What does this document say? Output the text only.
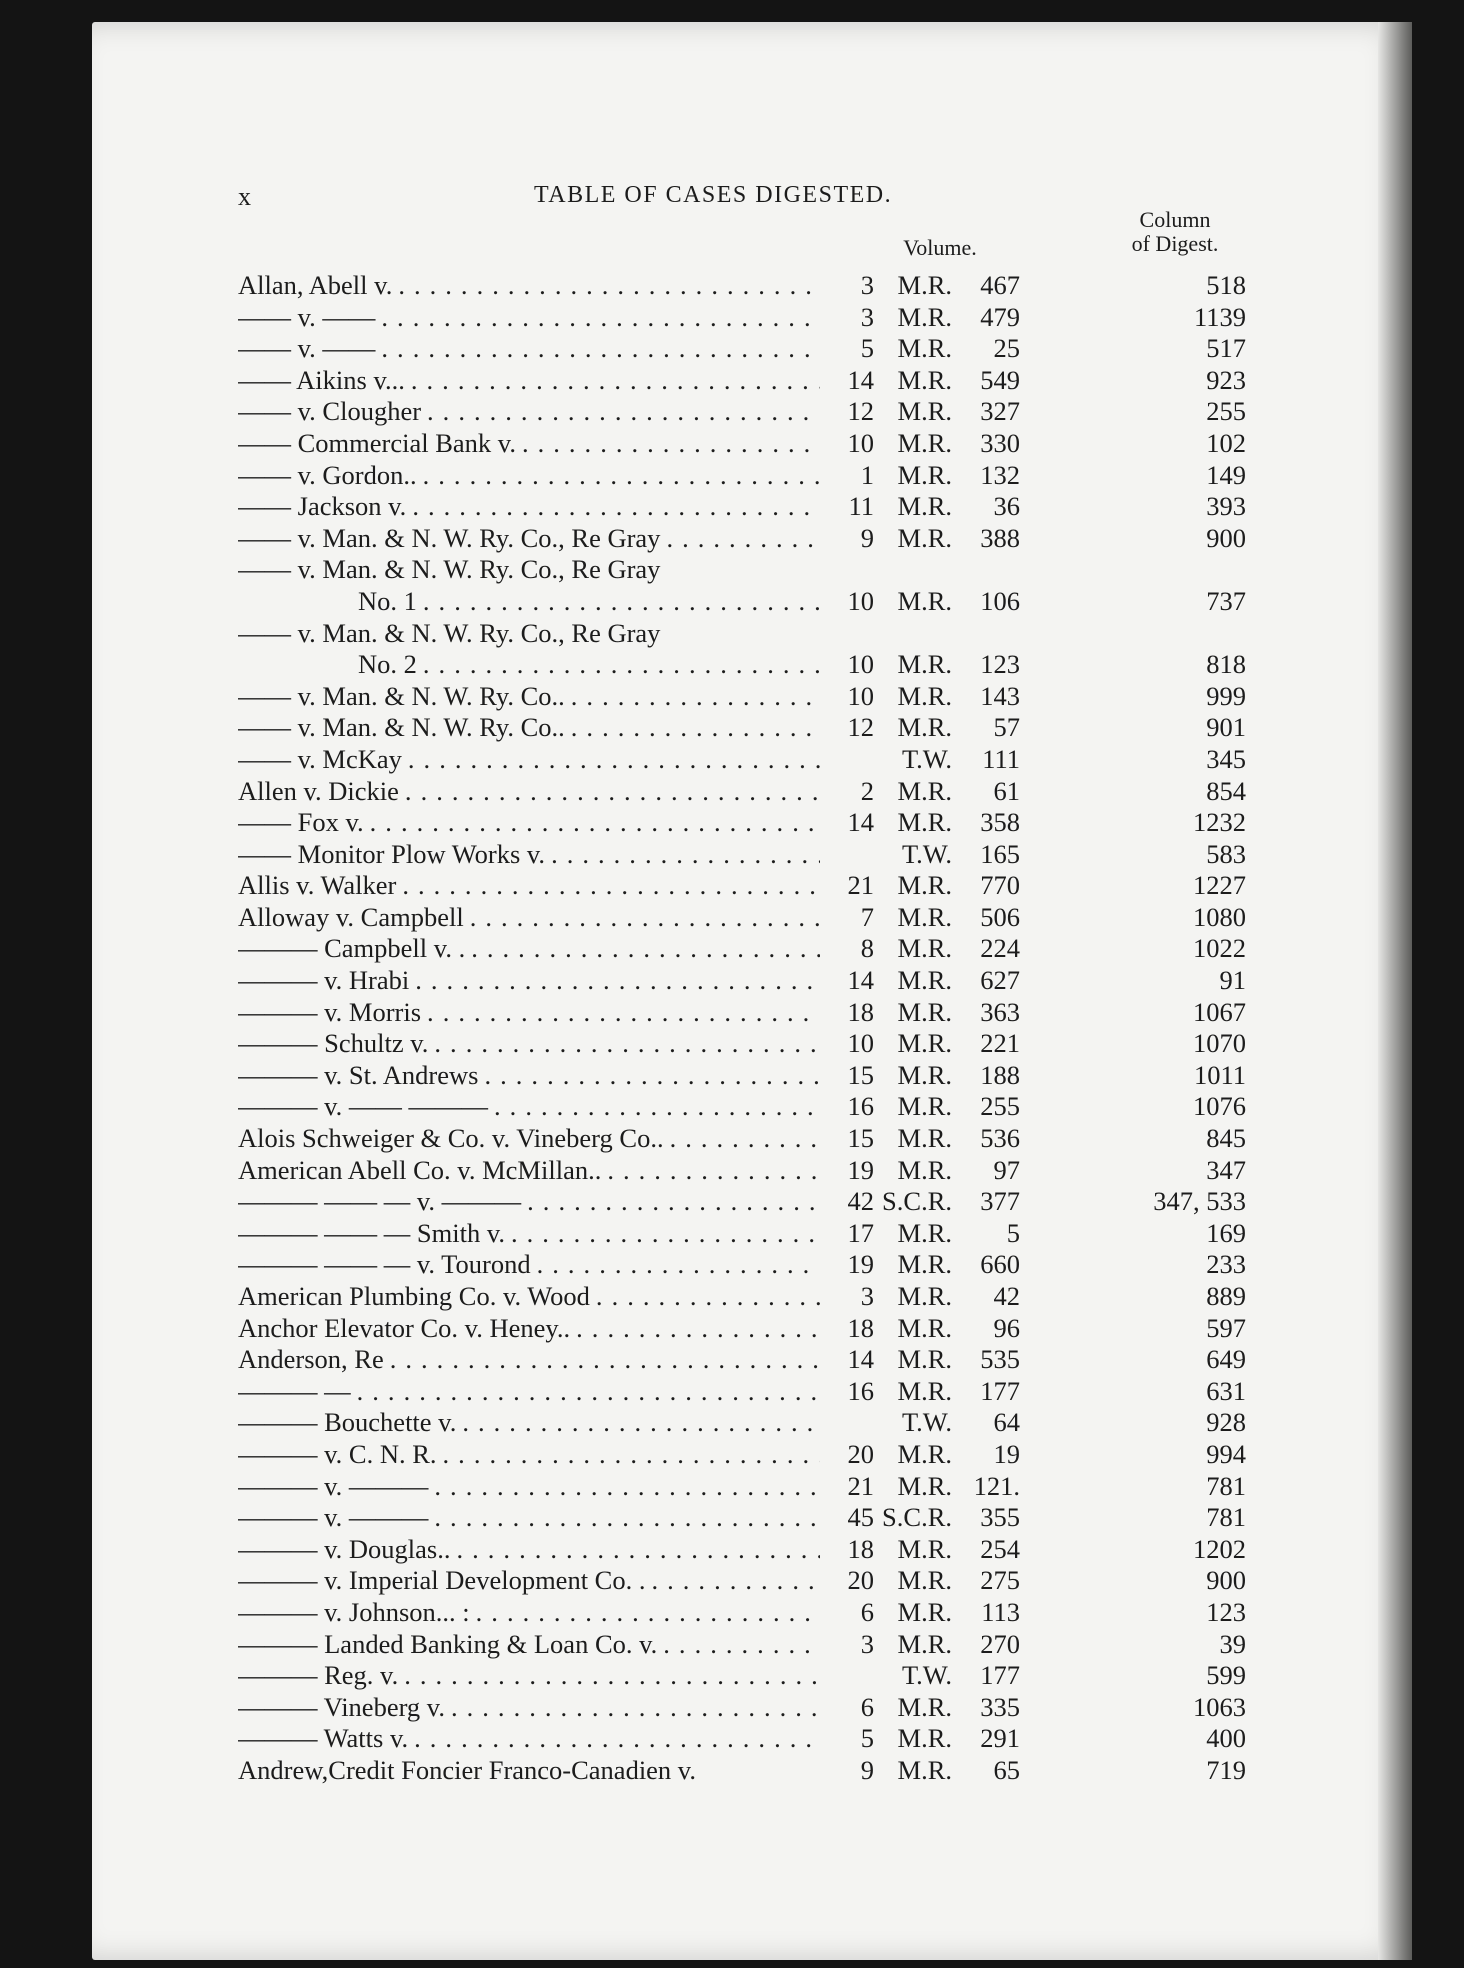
x	TABLE OF CASES DIGESTED.
Volume.
Column
of Digest.
Allan, Abell v. . . .	3 M.R.	467	518
—— v. —— . . .	3 M.R.	479	1139
—— v. —— . . .	5 M.R.	25	517
—— Aikins v... . . .	14 M.R.	549	923
—— v. Clougher . . .	12 M.R.	327	255
—— Commercial Bank v. . . .	10 M.R.	330	102
—— v. Gordon.. . . .	1 M.R.	132	149
—— Jackson v. . . .	11 M.R.	36	393
—— v. Man. & N. W. Ry. Co., Re Gray . . .	9 M.R.	388	900
—— v. Man. & N. W. Ry. Co., Re Gray
No. 1 . . .	10 M.R.	106	737
—— v. Man. & N. W. Ry. Co., Re Gray
No. 2 . . .	10 M.R.	123	818
—— v. Man. & N. W. Ry. Co.. . . .	10 M.R.	143	999
—— v. Man. & N. W. Ry. Co.. . . .	12 M.R.	57	901
—— v. McKay . . .	T.W.	111	345
Allen v. Dickie . . .	2 M.R.	61	854
—— Fox v. . . .	14 M.R.	358	1232
—— Monitor Plow Works v. . . .	T.W.	165	583
Allis v. Walker . . .	21 M.R.	770	1227
Alloway v. Campbell . . .	7 M.R.	506	1080
——— Campbell v. . . . .	8 M.R.	224	1022
——— v. Hrabi . . .	14 M.R.	627	91
——— v. Morris . . .	18 M.R.	363	1067
——— Schultz v. . . .	10 M.R.	221	1070
——— v. St. Andrews . . .	15 M.R.	188	1011
——— v. —— ——— . . .	16 M.R.	255	1076
Alois Schweiger & Co. v. Vineberg Co.. . . .	15 M.R.	536	845
American Abell Co. v. McMillan.. . . .	19 M.R.	97	347
——— —— — v. ——— . . .	42 S.C.R.	377	347, 533
——— —— — Smith v. . . .	17 M.R.	5	169
——— —— — v. Tourond . . .	19 M.R.	660	233
American Plumbing Co. v. Wood . . .	3 M.R.	42	889
Anchor Elevator Co. v. Heney.. . . .	18 M.R.	96	597
Anderson, Re . . .	14 M.R.	535	649
——— — . . .	16 M.R.	177	631
——— Bouchette v. . . .	T.W.	64	928
——— v. C. N. R. . . .	20 M.R.	19	994
——— v. ——— . . .	21 M.R. 121.	781
——— v. ——— . . .	45 S.C.R.	355	781
——— v. Douglas.. . . .	18 M.R.	254	1202
——— v. Imperial Development Co. . . . .	20 M.R.	275	900
——— v. Johnson... : . . .	6 M.R.	113	123
——— Landed Banking & Loan Co. v. . . .	3 M.R.	270	39
——— Reg. v. . . .	T.W.	177	599
——— Vineberg v. . . .	6 M.R.	335	1063
——— Watts v. . . .	5 M.R.	291	400
Andrew,Credit Foncier Franco-Canadien v.	9 M.R.	65	719
